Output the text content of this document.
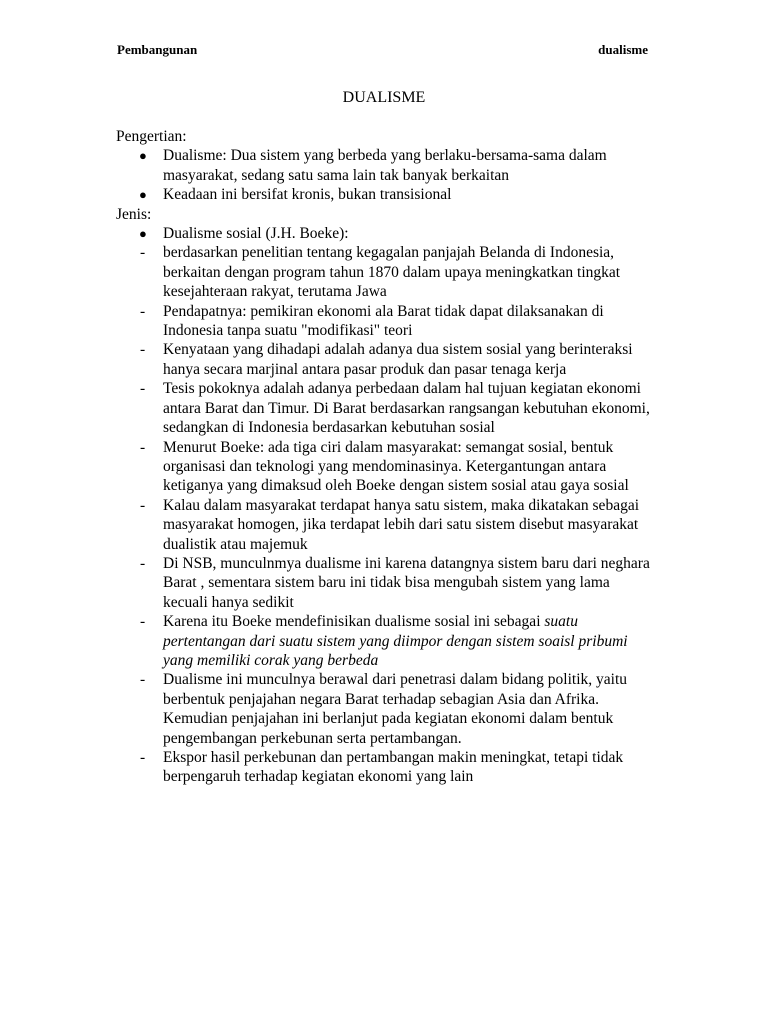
Pembangunan	dualisme
DUALISME

Pengertian:

●	Dualisme: Dua sistem yang berbeda yang berlaku-bersama-sama dalam masyarakat, sedang satu sama lain tak banyak berkaitan

●	Keadaan ini bersifat kronis, bukan transisional

Jenis:

●	Dualisme sosial (J.H. Boeke):

-	berdasarkan penelitian tentang kegagalan panjajah Belanda di Indonesia, berkaitan dengan program tahun 1870 dalam upaya meningkatkan tingkat kesejahteraan rakyat, terutama Jawa

-	Pendapatnya: pemikiran ekonomi ala Barat tidak dapat dilaksanakan di Indonesia tanpa suatu "modifikasi" teori

-	Kenyataan yang dihadapi adalah adanya dua sistem sosial yang berinteraksi hanya secara marjinal antara pasar produk dan pasar tenaga kerja

-	Tesis pokoknya adalah adanya perbedaan dalam hal tujuan kegiatan ekonomi antara Barat dan Timur. Di Barat berdasarkan rangsangan kebutuhan ekonomi, sedangkan di Indonesia berdasarkan kebutuhan sosial

-	Menurut Boeke: ada tiga ciri dalam masyarakat: semangat sosial, bentuk organisasi dan teknologi yang mendominasinya. Ketergantungan antara ketiganya yang dimaksud oleh Boeke dengan sistem sosial atau gaya sosial

-	Kalau dalam masyarakat terdapat hanya satu sistem, maka dikatakan sebagai masyarakat homogen, jika terdapat lebih dari satu sistem disebut masyarakat dualistik atau majemuk

-	Di NSB, munculnmya dualisme ini karena datangnya sistem baru dari neghara Barat , sementara sistem baru ini tidak bisa mengubah sistem yang lama kecuali hanya sedikit

-	Karena itu Boeke mendefinisikan dualisme sosial ini sebagai suatu pertentangan dari suatu sistem yang diimpor dengan sistem soaisl pribumi yang memiliki corak yang berbeda

-	Dualisme ini munculnya berawal dari penetrasi dalam bidang politik, yaitu berbentuk penjajahan negara Barat terhadap sebagian Asia dan Afrika. Kemudian penjajahan ini berlanjut pada kegiatan ekonomi dalam bentuk pengembangan perkebunan serta pertambangan.

-	Ekspor hasil perkebunan dan pertambangan makin meningkat, tetapi tidak berpengaruh terhadap kegiatan ekonomi yang lain
